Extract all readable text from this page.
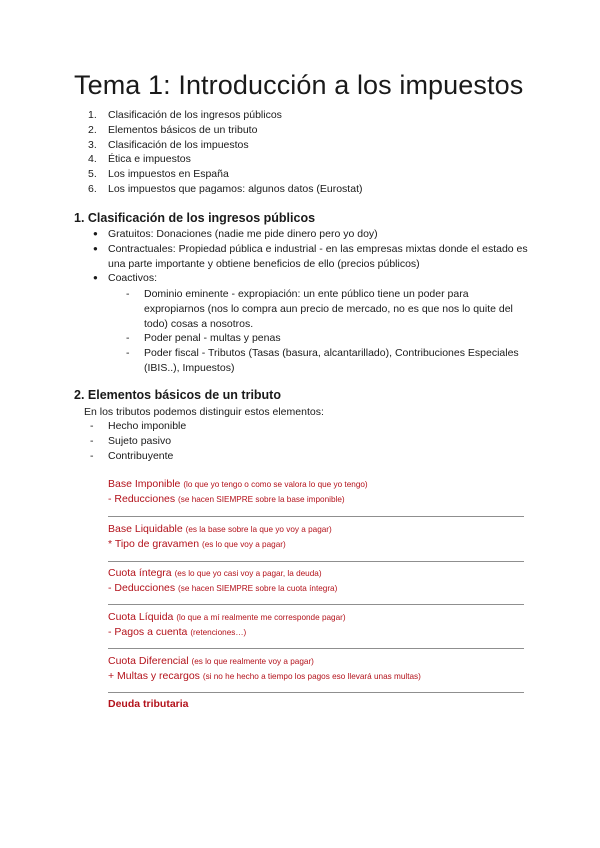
Tema 1: Introducción a los impuestos
1. Clasificación de los ingresos públicos
2. Elementos básicos de un tributo
3. Clasificación de los impuestos
4. Ética e impuestos
5. Los impuestos en España
6. Los impuestos que pagamos: algunos datos (Eurostat)
1. Clasificación de los ingresos públicos
● Gratuitos: Donaciones (nadie me pide dinero pero yo doy)
● Contractuales: Propiedad pública e industrial - en las empresas mixtas donde el estado es una parte importante y obtiene beneficios de ello (precios públicos)
● Coactivos:
- Dominio eminente - expropiación: un ente público tiene un poder para expropiarnos (nos lo compra aun precio de mercado, no es que nos lo quite del todo) cosas a nosotros.
- Poder penal - multas y penas
- Poder fiscal - Tributos (Tasas (basura, alcantarillado), Contribuciones Especiales (IBIS..), Impuestos)
2. Elementos básicos de un tributo

En los tributos podemos distinguir estos elementos:

- Hecho imponible
- Sujeto pasivo
- Contribuyente
Base Imponible (lo que yo tengo o como se valora lo que yo tengo)
- Reducciones (se hacen SIEMPRE sobre la base imponible)
Base Liquidable (es la base sobre la que yo voy a pagar)
* Tipo de gravamen (es lo que voy a pagar)
Cuota íntegra (es lo que yo casi voy a pagar, la deuda)
- Deducciones (se hacen SIEMPRE sobre la cuota íntegra)
Cuota Líquida (lo que a mí realmente me corresponde pagar)
- Pagos a cuenta (retenciones…)
Cuota Diferencial (es lo que realmente voy a pagar)
+ Multas y recargos (si no he hecho a tiempo los pagos eso llevará unas multas)
Deuda tributaria
